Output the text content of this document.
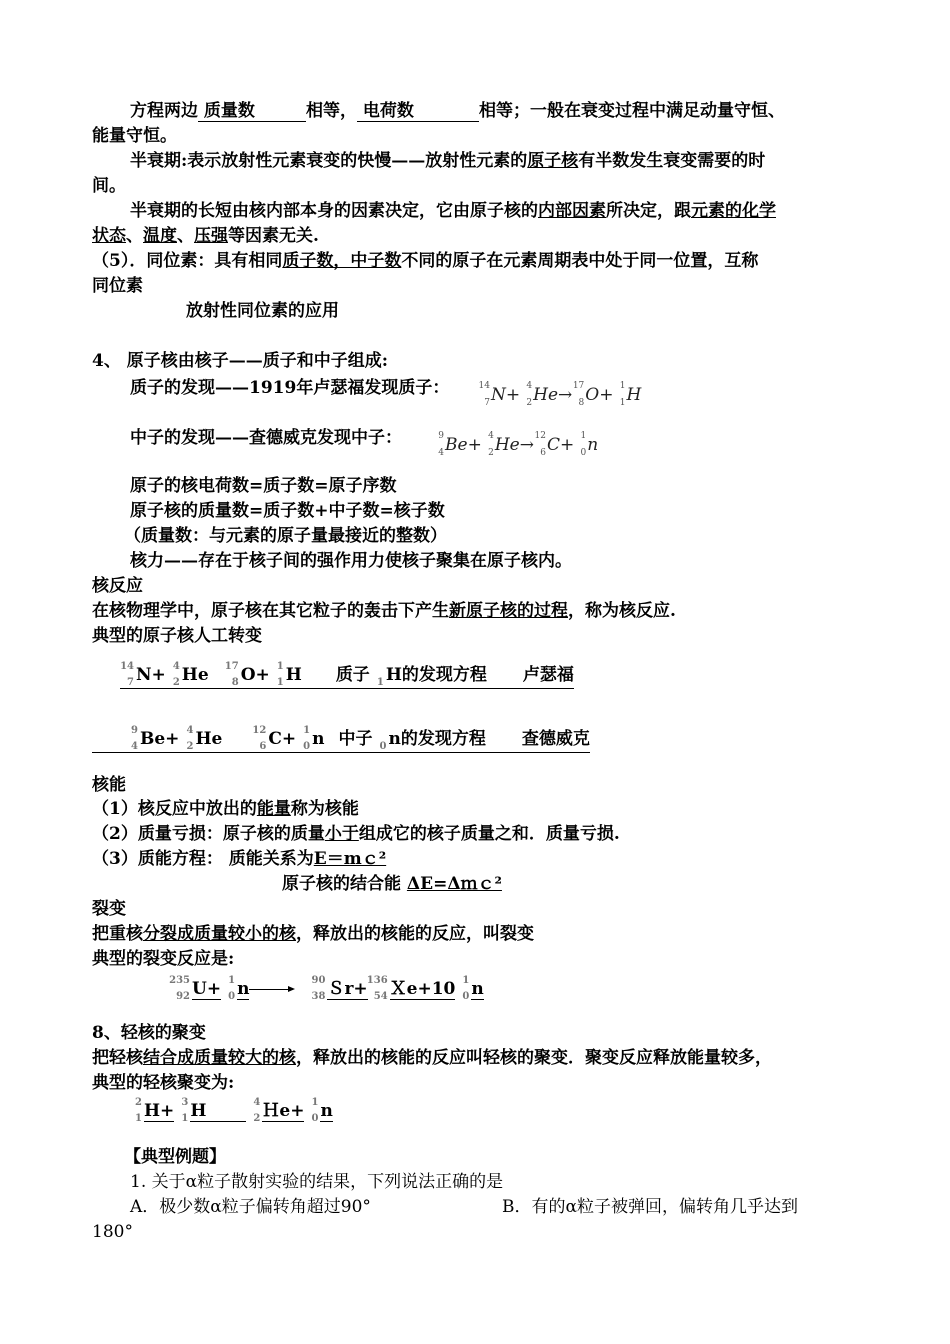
方程两边 质量数	相等， 电荷数	相等；一般在衰变过程中满足动量守恒、
能量守恒。
半衰期:表示放射性元素衰变的快慢——放射性元素的原子核有半数发生衰变需要的时
间。
半衰期的长短由核内部本身的因素决定，它由原子核的内部因素所决定，跟元素的化学
状态、温度、压强等因素无关.
（5）．同位素：具有相同质子数，中子数不同的原子在元素周期表中处于同一位置，互称
同位素
放射性同位素的应用
4、 原子核由核子——质子和中子组成:
质子的发现——1919年卢瑟福发现质子：	14
7 N+ 4
2 He→ 17
8 O+ 1
1 H
中子的发现——查德威克发现中子：	9
4 Be+ 4
2 He→ 12
6 C+ 1
0 n
原子的核电荷数=质子数=原子序数
原子核的质量数=质子数+中子数=核子数
（质量数：与元素的原子量最接近的整数）
核力——存在于核子间的强作用力使核子聚集在原子核内。
核反应
在核物理学中，原子核在其它粒子的轰击下产生新原子核的过程，称为核反应.
典型的原子核人工转变
14
7 N+ 4
2 He 17
8 O+ 1
1 H 质子 1 H的发现方程 卢瑟福
9
4 Be+ 4
2 He	12
6 C+ 1
0 n 中子 0 n的发现方程 查德威克
核能
（1）核反应中放出的能量称为核能
（2）质量亏损：原子核的质量小于组成它的核子质量之和．质量亏损.
（3）质能方程： 质能关系为E＝mｃ²
原子核的结合能 ΔE=Δｍｃ²
裂变
把重核分裂成质量较小的核，释放出的核能的反应，叫裂变
典型的裂变反应是:
235
92 U+ 1
0 n	90
38 Ｓr+ 136
54 Ｘe+10 1
0 n
8、轻核的聚变
把轻核结合成质量较大的核，释放出的核能的反应叫轻核的聚变．聚变反应释放能量较多，
典型的轻核聚变为:
2
1 H+ 3
1 H	4
2 Ｈe+ 1
0 n
【典型例题】
1. 关于α粒子散射实验的结果，下列说法正确的是
A．极少数α粒子偏转角超过90°	B．有的α粒子被弹回，偏转角几乎达到
180°
